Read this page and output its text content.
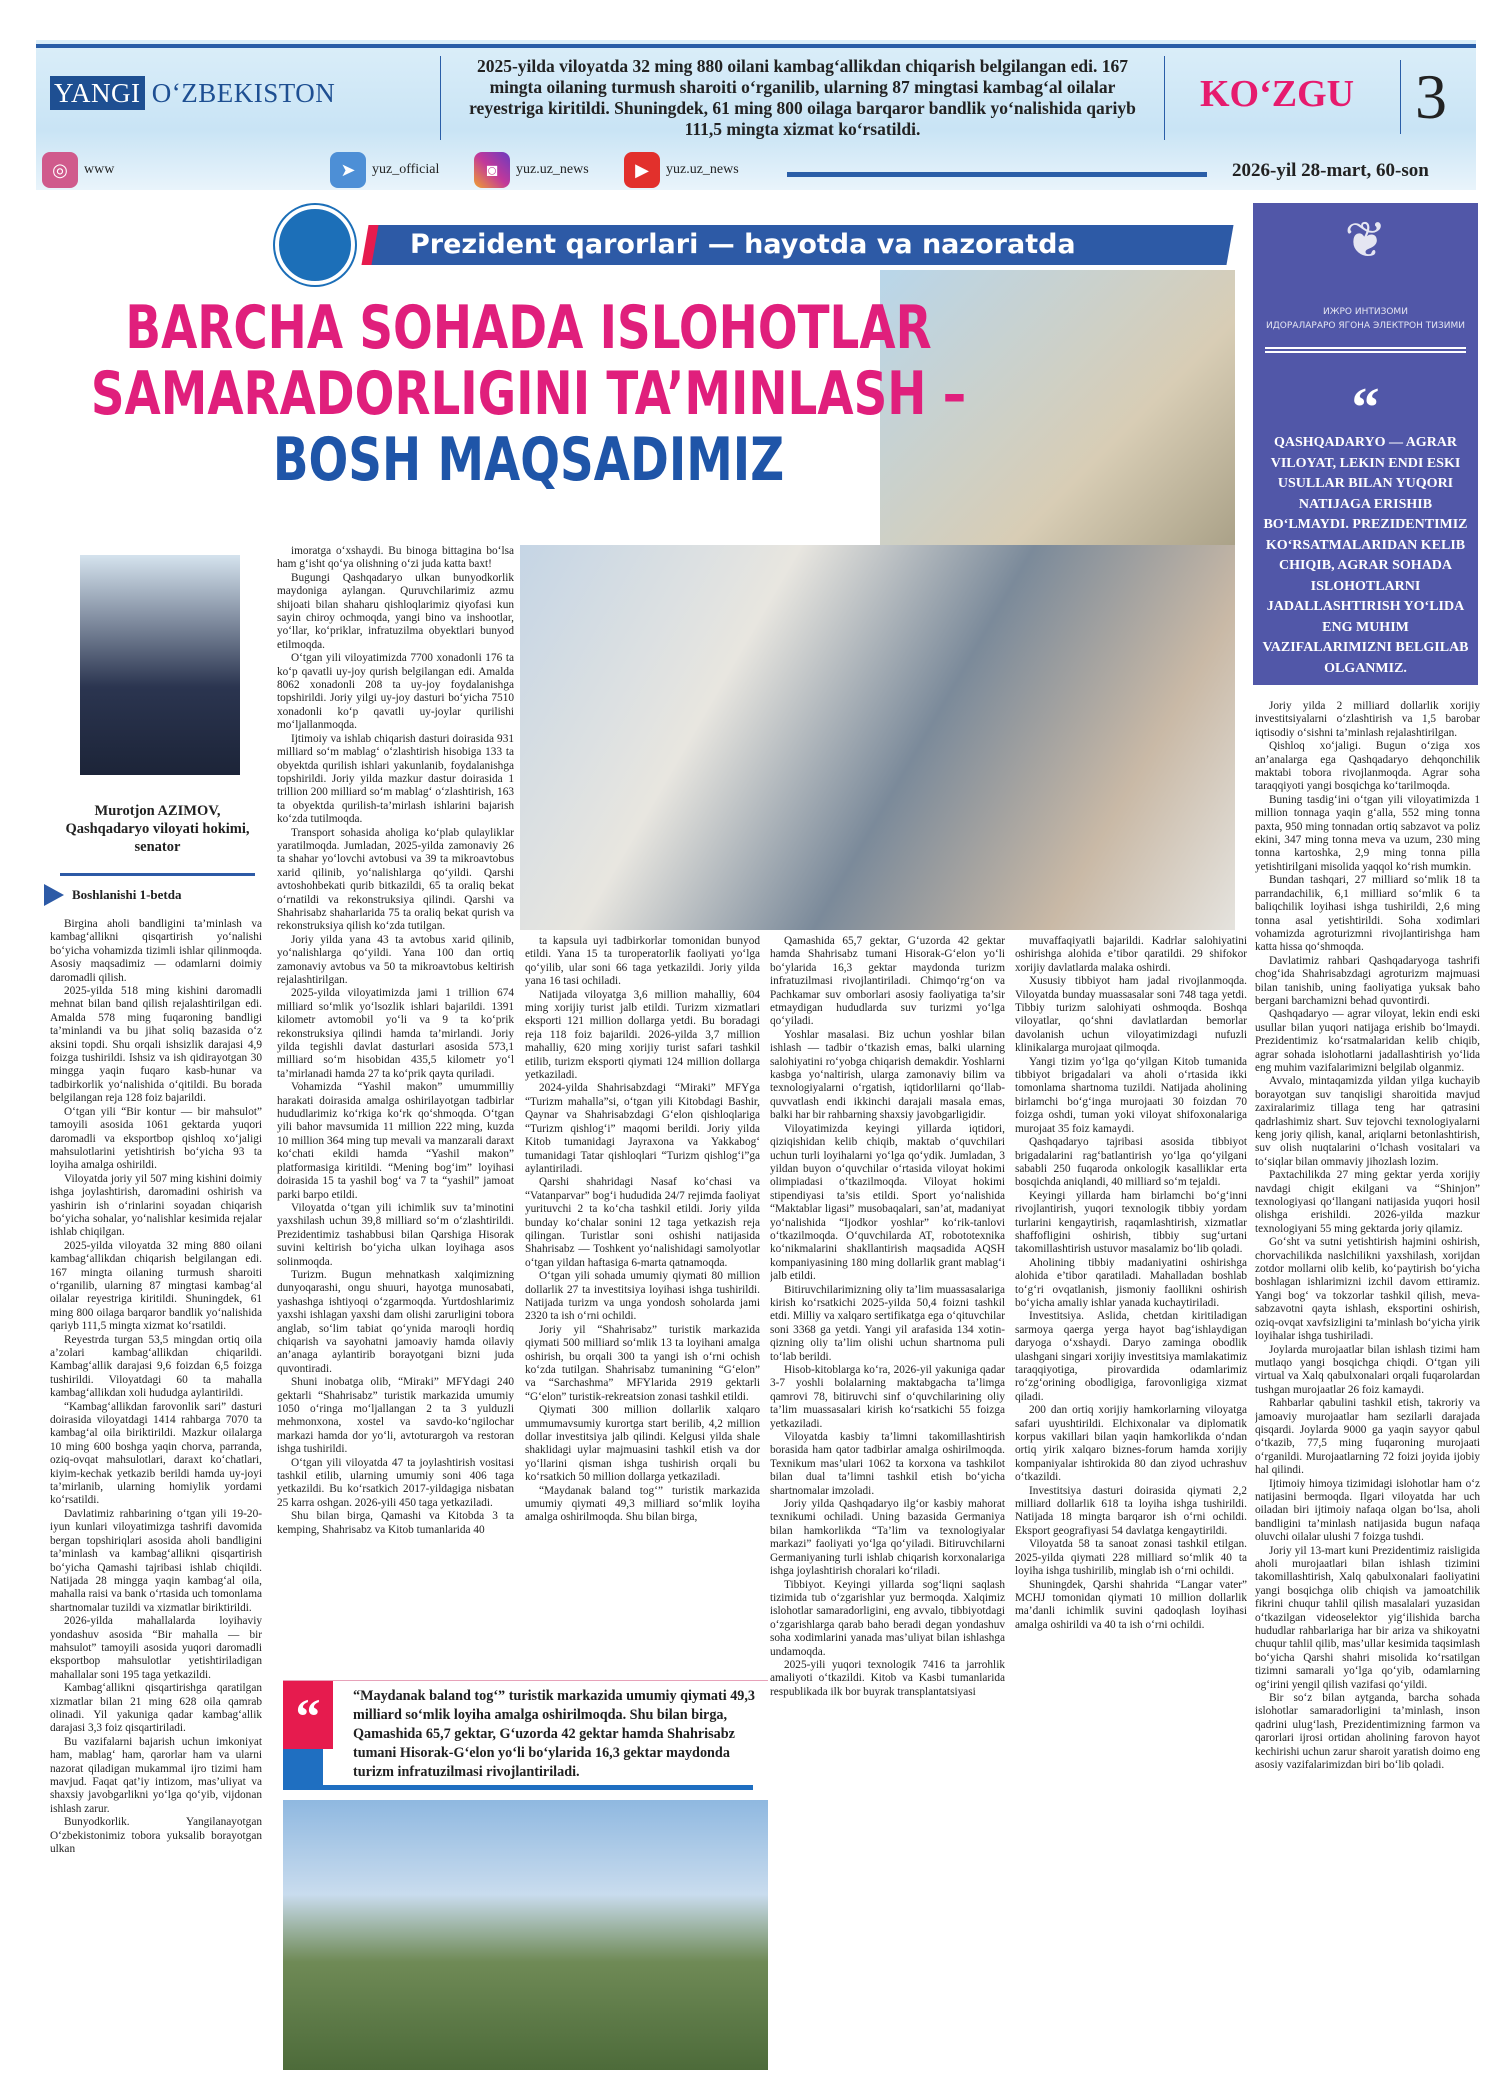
YANGI O‘ZBEKISTON
2025-yilda viloyatda 32 ming 880 oilani kambag‘allikdan chiqarish belgilangan edi. 167 mingta oilaning turmush sharoiti o‘rganilib, ularning 87 mingtasi kambag‘al oilalar reyestriga kiritildi. Shuningdek, 61 ming 800 oilaga barqaror bandlik yo‘nalishida qariyb 111,5 mingta xizmat ko‘rsatildi.
KO‘ZGU 3
◎	www	➤	yuz_official	◙	yuz.uz_news	▶	yuz.uz_news	2026-yil 28-mart, 60-son
Prezident qarorlari — hayotda va nazoratda
BARCHA SOHADA ISLOHOTLAR
SAMARADORLIGINI TA’MINLASH –
BOSH MAQSADIMIZ
❦
ИЖРО ИНТИЗОМИ
ИДОРАЛАРАРО ЯГОНА ЭЛЕКТРОН ТИЗИМИ
“
QASHQADARYO — AGRAR VILOYAT, LEKIN ENDI ESKI USULLAR BILAN YUQORI NATIJAGA ERISHIB BO‘LMAYDI. PREZIDENTIMIZ KO‘RSATMALARIDAN KELIB CHIQIB, AGRAR SOHADA ISLOHOTLARNI JADALLASHTIRISH YO‘LIDA ENG MUHIM VAZIFALARIMIZNI BELGILAB OLGANMIZ.
Murotjon AZIMOV,
Qashqadaryo viloyati hokimi, senator
Boshlanishi 1-betda

Birgina aholi bandligini ta’minlash va kambag‘allikni qisqartirish yo‘nalishi bo‘yicha vohamizda tizimli ishlar qilinmoqda. Asosiy maqsadimiz — odamlarni doimiy daromadli qilish.

2025-yilda 518 ming kishini daromadli mehnat bilan band qilish rejalashtirilgan edi. Amalda 578 ming fuqaroning bandligi ta’minlandi va bu jihat soliq bazasida o‘z aksini topdi. Shu orqali ishsizlik darajasi 4,9 foizga tushirildi. Ishsiz va ish qidirayotgan 30 mingga yaqin fuqaro kasb-hunar va tadbirkorlik yo‘nalishida o‘qitildi. Bu borada belgilangan reja 128 foiz bajarildi.

O‘tgan yili “Bir kontur — bir mahsulot” tamoyili asosida 1061 gektarda yuqori daromadli va eksportbop qishloq xo‘jaligi mahsulotlarini yetishtirish bo‘yicha 93 ta loyiha amalga oshirildi.

Viloyatda joriy yil 507 ming kishini doimiy ishga joylashtirish, daromadini oshirish va yashirin ish o‘rinlarini soyadan chiqarish bo‘yicha sohalar, yo‘nalishlar kesimida rejalar ishlab chiqilgan.

2025-yilda viloyatda 32 ming 880 oilani kambag‘allikdan chiqarish belgilangan edi. 167 mingta oilaning turmush sharoiti o‘rganilib, ularning 87 mingtasi kambag‘al oilalar reyestriga kiritildi. Shuningdek, 61 ming 800 oilaga barqaror bandlik yo‘nalishida qariyb 111,5 mingta xizmat ko‘rsatildi.

Reyestrda turgan 53,5 mingdan ortiq oila a’zolari kambag‘allikdan chiqarildi. Kambag‘allik darajasi 9,6 foizdan 6,5 foizga tushirildi. Viloyatdagi 60 ta mahalla kambag‘allikdan xoli hududga aylantirildi.

“Kambag‘allikdan farovonlik sari” dasturi doirasida viloyatdagi 1414 rahbarga 7070 ta kambag‘al oila biriktirildi. Mazkur oilalarga 10 ming 600 boshga yaqin chorva, parranda, oziq-ovqat mahsulotlari, daraxt ko‘chatlari, kiyim-kechak yetkazib berildi hamda uy-joyi ta’mirlanib, ularning homiylik yordami ko‘rsatildi.

Davlatimiz rahbarining o‘tgan yili 19-20-iyun kunlari viloyatimizga tashrifi davomida bergan topshiriqlari asosida aholi bandligini ta’minlash va kambag‘allikni qisqartirish bo‘yicha Qamashi tajribasi ishlab chiqildi. Natijada 28 mingga yaqin kambag‘al oila, mahalla raisi va bank o‘rtasida uch tomonlama shartnomalar tuzildi va xizmatlar biriktirildi.

2026-yilda mahallalarda loyihaviy yondashuv asosida “Bir mahalla — bir mahsulot” tamoyili asosida yuqori daromadli eksportbop mahsulotlar yetishtiriladigan mahallalar soni 195 taga yetkazildi.

Kambag‘allikni qisqartirishga qaratilgan xizmatlar bilan 21 ming 628 oila qamrab olinadi. Yil yakuniga qadar kambag‘allik darajasi 3,3 foiz qisqartiriladi.

Bu vazifalarni bajarish uchun imkoniyat ham, mablag‘ ham, qarorlar ham va ularni nazorat qiladigan mukammal ijro tizimi ham mavjud. Faqat qat’iy intizom, mas’uliyat va shaxsiy javobgarlikni yo‘lga qo‘yib, vijdonan ishlash zarur.

Bunyodkorlik. Yangilanayotgan O‘zbekistonimiz tobora yuksalib borayotgan ulkan

imoratga o‘xshaydi. Bu binoga bittagina bo‘lsa ham g‘isht qo‘ya olishning o‘zi juda katta baxt!

Bugungi Qashqadaryo ulkan bunyodkorlik maydoniga aylangan. Quruvchilarimiz azmu shijoati bilan shaharu qishloqlarimiz qiyofasi kun sayin chiroy ochmoqda, yangi bino va inshootlar, yo‘llar, ko‘priklar, infratuzilma obyektlari bunyod etilmoqda.

O‘tgan yili viloyatimizda 7700 xonadonli 176 ta ko‘p qavatli uy-joy qurish belgilangan edi. Amalda 8062 xonadonli 208 ta uy-joy foydalanishga topshirildi. Joriy yilgi uy-joy dasturi bo‘yicha 7510 xonadonli ko‘p qavatli uy-joylar qurilishi mo‘ljallanmoqda.

Ijtimoiy va ishlab chiqarish dasturi doirasida 931 milliard so‘m mablag‘ o‘zlashtirish hisobiga 133 ta obyektda qurilish ishlari yakunlanib, foydalanishga topshirildi. Joriy yilda mazkur dastur doirasida 1 trillion 200 milliard so‘m mablag‘ o‘zlashtirish, 163 ta obyektda qurilish-ta’mirlash ishlarini bajarish ko‘zda tutilmoqda.

Transport sohasida aholiga ko‘plab qulayliklar yaratilmoqda. Jumladan, 2025-yilda zamonaviy 26 ta shahar yo‘lovchi avtobusi va 39 ta mikroavtobus xarid qilinib, yo‘nalishlarga qo‘yildi. Qarshi avtoshohbekati qurib bitkazildi, 65 ta oraliq bekat o‘rnatildi va rekonstruksiya qilindi. Qarshi va Shahrisabz shaharlarida 75 ta oraliq bekat qurish va rekonstruksiya qilish ko‘zda tutilgan.

Joriy yilda yana 43 ta avtobus xarid qilinib, yo‘nalishlarga qo‘yildi. Yana 100 dan ortiq zamonaviy avtobus va 50 ta mikroavtobus keltirish rejalashtirilgan.

2025-yilda viloyatimizda jami 1 trillion 674 milliard so‘mlik yo‘lsozlik ishlari bajarildi. 1391 kilometr avtomobil yo‘li va 9 ta ko‘prik rekonstruksiya qilindi hamda ta’mirlandi. Joriy yilda tegishli davlat dasturlari asosida 573,1 milliard so‘m hisobidan 435,5 kilometr yo‘l ta’mirlanadi hamda 27 ta ko‘prik qayta quriladi.

Vohamizda “Yashil makon” umummilliy harakati doirasida amalga oshirilayotgan tadbirlar hududlarimiz ko‘rkiga ko‘rk qo‘shmoqda. O‘tgan yili bahor mavsumida 11 million 222 ming, kuzda 10 million 364 ming tup mevali va manzarali daraxt ko‘chati ekildi hamda “Yashil makon” platformasiga kiritildi. “Mening bog‘im” loyihasi doirasida 15 ta yashil bog‘ va 7 ta “yashil” jamoat parki barpo etildi.

Viloyatda o‘tgan yili ichimlik suv ta’minotini yaxshilash uchun 39,8 milliard so‘m o‘zlashtirildi. Prezidentimiz tashabbusi bilan Qarshiga Hisorak suvini keltirish bo‘yicha ulkan loyihaga asos solinmoqda.

Turizm. Bugun mehnatkash xalqimizning dunyoqarashi, ongu shuuri, hayotga munosabati, yashashga ishtiyoqi o‘zgarmoqda. Yurtdoshlarimiz yaxshi ishlagan yaxshi dam olishi zarurligini tobora anglab, so‘lim tabiat qo‘ynida maroqli hordiq chiqarish va sayohatni jamoaviy hamda oilaviy an’anaga aylantirib borayotgani bizni juda quvontiradi.

Shuni inobatga olib, “Miraki” MFYdagi 240 gektarli “Shahrisabz” turistik markazida umumiy 1050 o‘ringa mo‘ljallangan 2 ta 3 yulduzli mehmonxona, xostel va savdo-ko‘ngilochar markazi hamda dor yo‘li, avtoturargoh va restoran ishga tushirildi.

O‘tgan yili viloyatda 47 ta joylashtirish vositasi tashkil etilib, ularning umumiy soni 406 taga yetkazildi. Bu ko‘rsatkich 2017-yildagiga nisbatan 25 karra oshgan. 2026-yili 450 taga yetkaziladi.

Shu bilan birga, Qamashi va Kitobda 3 ta kemping, Shahrisabz va Kitob tumanlarida 40

ta kapsula uyi tadbirkorlar tomonidan bunyod etildi. Yana 15 ta turoperatorlik faoliyati yo‘lga qo‘yilib, ular soni 66 taga yetkazildi. Joriy yilda yana 16 tasi ochiladi.

Natijada viloyatga 3,6 million mahalliy, 604 ming xorijiy turist jalb etildi. Turizm xizmatlari eksporti 121 million dollarga yetdi. Bu boradagi reja 118 foiz bajarildi. 2026-yilda 3,7 million mahalliy, 620 ming xorijiy turist safari tashkil etilib, turizm eksporti qiymati 124 million dollarga yetkaziladi.

2024-yilda Shahrisabzdagi “Miraki” MFYga “Turizm mahalla”si, o‘tgan yili Kitobdagi Bashir, Qaynar va Shahrisabzdagi G‘elon qishloqlariga “Turizm qishlog‘i” maqomi berildi. Joriy yilda Kitob tumanidagi Jayraxona va Yakkabog‘ tumanidagi Tatar qishloqlari “Turizm qishlog‘i”ga aylantiriladi.

Qarshi shahridagi Nasaf ko‘chasi va “Vatanparvar” bog‘i hududida 24/7 rejimda faoliyat yurituvchi 2 ta ko‘cha tashkil etildi. Joriy yilda bunday ko‘chalar sonini 12 taga yetkazish reja qilingan. Turistlar soni oshishi natijasida Shahrisabz — Toshkent yo‘nalishidagi samolyotlar o‘tgan yildan haftasiga 6-marta qatnamoqda.

O‘tgan yili sohada umumiy qiymati 80 million dollarlik 27 ta investitsiya loyihasi ishga tushirildi. Natijada turizm va unga yondosh soholarda jami 2320 ta ish o‘rni ochildi.

Joriy yil “Shahrisabz” turistik markazida qiymati 500 milliard so‘mlik 13 ta loyihani amalga oshirish, bu orqali 300 ta yangi ish o‘rni ochish ko‘zda tutilgan. Shahrisabz tumanining “G‘elon” va “Sarchashma” MFYlarida 2919 gektarli “G‘elon” turistik-rekreatsion zonasi tashkil etildi.

Qiymati 300 million dollarlik xalqaro ummumavsumiy kurortga start berilib, 4,2 million dollar investitsiya jalb qilindi. Kelgusi yilda shale shaklidagi uylar majmuasini tashkil etish va dor yo‘llarini qisman ishga tushirish orqali bu ko‘rsatkich 50 million dollarga yetkaziladi.

“Maydanak baland tog‘” turistik markazida umumiy qiymati 49,3 milliard so‘mlik loyiha amalga oshirilmoqda. Shu bilan birga,

Qamashida 65,7 gektar, G‘uzorda 42 gektar hamda Shahrisabz tumani Hisorak-G‘elon yo‘li bo‘ylarida 16,3 gektar maydonda turizm infratuzilmasi rivojlantiriladi. Chimqo‘rg‘on va Pachkamar suv omborlari asosiy faoliyatiga ta’sir etmaydigan hududlarda suv turizmi yo‘lga qo‘yiladi.

Yoshlar masalasi. Biz uchun yoshlar bilan ishlash — tadbir o‘tkazish emas, balki ularning salohiyatini ro‘yobga chiqarish demakdir. Yoshlarni kasbga yo‘naltirish, ularga zamonaviy bilim va texnologiyalarni o‘rgatish, iqtidorlilarni qo‘llab-quvvatlash endi ikkinchi darajali masala emas, balki har bir rahbarning shaxsiy javobgarligidir.

Viloyatimizda keyingi yillarda iqtidori, qiziqishidan kelib chiqib, maktab o‘quvchilari uchun turli loyihalarni yo‘lga qo‘ydik. Jumladan, 3 yildan buyon o‘quvchilar o‘rtasida viloyat hokimi olimpiadasi o‘tkazilmoqda. Viloyat hokimi stipendiyasi ta’sis etildi. Sport yo‘nalishida “Maktablar ligasi” musobaqalari, san’at, madaniyat yo‘nalishida “Ijodkor yoshlar” ko‘rik-tanlovi o‘tkazilmoqda. O‘quvchilarda AT, robototexnika ko‘nikmalarini shakllantirish maqsadida AQSH kompaniyasining 180 ming dollarlik grant mablag‘i jalb etildi.

Bitiruvchilarimizning oliy ta’lim muassasalariga kirish ko‘rsatkichi 2025-yilda 50,4 foizni tashkil etdi. Milliy va xalqaro sertifikatga ega o‘qituvchilar soni 3368 ga yetdi. Yangi yil arafasida 134 xotin-qizning oliy ta’lim olishi uchun shartnoma puli to‘lab berildi.

Hisob-kitoblarga ko‘ra, 2026-yil yakuniga qadar 3-7 yoshli bolalarning maktabgacha ta’limga qamrovi 78, bitiruvchi sinf o‘quvchilarining oliy ta’lim muassasalari kirish ko‘rsatkichi 55 foizga yetkaziladi.

Viloyatda kasbiy ta’limni takomillashtirish borasida ham qator tadbirlar amalga oshirilmoqda. Texnikum mas’ulari 1062 ta korxona va tashkilot bilan dual ta’limni tashkil etish bo‘yicha shartnomalar imzoladi.

Joriy yilda Qashqadaryo ilg‘or kasbiy mahorat texnikumi ochiladi. Uning bazasida Germaniya bilan hamkorlikda “Ta’lim va texnologiyalar markazi” faoliyati yo‘lga qo‘yiladi. Bitiruvchilarni Germaniyaning turli ishlab chiqarish korxonalariga ishga joylashtirish choralari ko‘riladi.

Tibbiyot. Keyingi yillarda sog‘liqni saqlash tizimida tub o‘zgarishlar yuz bermoqda. Xalqimiz islohotlar samaradorligini, eng avvalo, tibbiyotdagi o‘zgarishlarga qarab baho beradi degan yondashuv soha xodimlarini yanada mas’uliyat bilan ishlashga undamoqda.

2025-yili yuqori texnologik 7416 ta jarrohlik amaliyoti o‘tkazildi. Kitob va Kasbi tumanlarida respublikada ilk bor buyrak transplantatsiyasi

muvaffaqiyatli bajarildi. Kadrlar salohiyatini oshirishga alohida e’tibor qaratildi. 29 shifokor xorijiy davlatlarda malaka oshirdi.

Xususiy tibbiyot ham jadal rivojlanmoqda. Viloyatda bunday muassasalar soni 748 taga yetdi. Tibbiy turizm salohiyati oshmoqda. Boshqa viloyatlar, qo‘shni davlatlardan bemorlar davolanish uchun viloyatimizdagi nufuzli klinikalarga murojaat qilmoqda.

Yangi tizim yo‘lga qo‘yilgan Kitob tumanida tibbiyot brigadalari va aholi o‘rtasida ikki tomonlama shartnoma tuzildi. Natijada aholining birlamchi bo‘g‘inga murojaati 30 foizdan 70 foizga oshdi, tuman yoki viloyat shifoxonalariga murojaat 35 foiz kamaydi.

Qashqadaryo tajribasi asosida tibbiyot brigadalarini rag‘batlantirish yo‘lga qo‘yilgani sababli 250 fuqaroda onkologik kasalliklar erta bosqichda aniqlandi, 40 milliard so‘m tejaldi.

Keyingi yillarda ham birlamchi bo‘g‘inni rivojlantirish, yuqori texnologik tibbiy yordam turlarini kengaytirish, raqamlashtirish, xizmatlar shaffofligini oshirish, tibbiy sug‘urtani takomillashtirish ustuvor masalamiz bo‘lib qoladi.

Aholining tibbiy madaniyatini oshirishga alohida e’tibor qaratiladi. Mahalladan boshlab to‘g‘ri ovqatlanish, jismoniy faollikni oshirish bo‘yicha amaliy ishlar yanada kuchaytiriladi.

Investitsiya. Aslida, chetdan kiritiladigan sarmoya qaerga yerga hayot bag‘ishlaydigan daryoga o‘xshaydi. Daryo zaminga obodlik ulashgani singari xorijiy investitsiya mamlakatimiz taraqqiyotiga, pirovardida odamlarimiz ro‘zg‘orining obodligiga, farovonligiga xizmat qiladi.

200 dan ortiq xorijiy hamkorlarning viloyatga safari uyushtirildi. Elchixonalar va diplomatik korpus vakillari bilan yaqin hamkorlikda o‘ndan ortiq yirik xalqaro biznes-forum hamda xorijiy kompaniyalar ishtirokida 80 dan ziyod uchrashuv o‘tkazildi.

Investitsiya dasturi doirasida qiymati 2,2 milliard dollarlik 618 ta loyiha ishga tushirildi. Natijada 18 mingta barqaror ish o‘rni ochildi. Eksport geografiyasi 54 davlatga kengaytirildi.

Viloyatda 58 ta sanoat zonasi tashkil etilgan. 2025-yilda qiymati 228 milliard so‘mlik 40 ta loyiha ishga tushirilib, minglab ish o‘rni ochildi.

Shuningdek, Qarshi shahrida “Langar vater” MCHJ tomonidan qiymati 10 million dollarlik ma’danli ichimlik suvini qadoqlash loyihasi amalga oshirildi va 40 ta ish o‘rni ochildi.

Joriy yilda 2 milliard dollarlik xorijiy investitsiyalarni o‘zlashtirish va 1,5 barobar iqtisodiy o‘sishni ta’minlash rejalashtirilgan.

Qishloq xo‘jaligi. Bugun o‘ziga xos an’analarga ega Qashqadaryo dehqonchilik maktabi tobora rivojlanmoqda. Agrar soha taraqqiyoti yangi bosqichga ko‘tarilmoqda.

Buning tasdig‘ini o‘tgan yili viloyatimizda 1 million tonnaga yaqin g‘alla, 552 ming tonna paxta, 950 ming tonnadan ortiq sabzavot va poliz ekini, 347 ming tonna meva va uzum, 230 ming tonna kartoshka, 2,9 ming tonna pilla yetishtirilgani misolida yaqqol ko‘rish mumkin.

Bundan tashqari, 27 milliard so‘mlik 18 ta parrandachilik, 6,1 milliard so‘mlik 6 ta baliqchilik loyihasi ishga tushirildi, 2,6 ming tonna asal yetishtirildi. Soha xodimlari vohamizda agroturizmni rivojlantirishga ham katta hissa qo‘shmoqda.

Davlatimiz rahbari Qashqadaryoga tashrifi chog‘ida Shahrisabzdagi agroturizm majmuasi bilan tanishib, uning faoliyatiga yuksak baho bergani barchamizni behad quvontirdi.

Qashqadaryo — agrar viloyat, lekin endi eski usullar bilan yuqori natijaga erishib bo‘lmaydi. Prezidentimiz ko‘rsatmalaridan kelib chiqib, agrar sohada islohotlarni jadallashtirish yo‘lida eng muhim vazifalarimizni belgilab olganmiz.

Avvalo, mintaqamizda yildan yilga kuchayib borayotgan suv tanqisligi sharoitida mavjud zaxiralarimiz tillaga teng har qatrasini qadrlashimiz shart. Suv tejovchi texnologiyalarni keng joriy qilish, kanal, ariqlarni betonlashtirish, suv olish nuqtalarini o‘lchash vositalari va to‘siqlar bilan ommaviy jihozlash lozim.

Paxtachilikda 27 ming gektar yerda xorijiy navdagi chigit ekilgani va “Shinjon” texnologiyasi qo‘llangani natijasida yuqori hosil olishga erishildi. 2026-yilda mazkur texnologiyani 55 ming gektarda joriy qilamiz.

Go‘sht va sutni yetishtirish hajmini oshirish, chorvachilikda naslchilikni yaxshilash, xorijdan zotdor mollarni olib kelib, ko‘paytirish bo‘yicha boshlagan ishlarimizni izchil davom ettiramiz. Yangi bog‘ va tokzorlar tashkil qilish, meva-sabzavotni qayta ishlash, eksportini oshirish, oziq-ovqat xavfsizligini ta’minlash bo‘yicha yirik loyihalar ishga tushiriladi.

Joylarda murojaatlar bilan ishlash tizimi ham mutlaqo yangi bosqichga chiqdi. O‘tgan yili virtual va Xalq qabulxonalari orqali fuqarolardan tushgan murojaatlar 26 foiz kamaydi.

Rahbarlar qabulini tashkil etish, takroriy va jamoaviy murojaatlar ham sezilarli darajada qisqardi. Joylarda 9000 ga yaqin sayyor qabul o‘tkazib, 77,5 ming fuqaroning murojaati o‘rganildi. Murojaatlarning 72 foizi joyida ijobiy hal qilindi.

Ijtimoiy himoya tizimidagi islohotlar ham o‘z natijasini bermoqda. Ilgari viloyatda har uch oiladan biri ijtimoiy nafaqa olgan bo‘lsa, aholi bandligini ta’minlash natijasida bugun nafaqa oluvchi oilalar ulushi 7 foizga tushdi.

Joriy yil 13-mart kuni Prezidentimiz raisligida aholi murojaatlari bilan ishlash tizimini takomillashtirish, Xalq qabulxonalari faoliyatini yangi bosqichga olib chiqish va jamoatchilik fikrini chuqur tahlil qilish masalalari yuzasidan o‘tkazilgan videoselektor yig‘ilishida barcha hududlar rahbarlariga har bir ariza va shikoyatni chuqur tahlil qilib, mas’ullar kesimida taqsimlash bo‘yicha Qarshi shahri misolida ko‘rsatilgan tizimni samarali yo‘lga qo‘yib, odamlarning og‘irini yengil qilish vazifasi qo‘yildi.

Bir so‘z bilan aytganda, barcha sohada islohotlar samaradorligini ta’minlash, inson qadrini ulug‘lash, Prezidentimizning farmon va qarorlari ijrosi ortidan aholining farovon hayot kechirishi uchun zarur sharoit yaratish doimo eng asosiy vazifalarimizdan biri bo‘lib qoladi.

“	“Maydanak baland tog‘” turistik markazida umumiy qiymati 49,3 milliard so‘mlik loyiha amalga oshirilmoqda. Shu bilan birga, Qamashida 65,7 gektar, G‘uzorda 42 gektar hamda Shahrisabz tumani Hisorak-G‘elon yo‘li bo‘ylarida 16,3 gektar maydonda turizm infratuzilmasi rivojlantiriladi.
